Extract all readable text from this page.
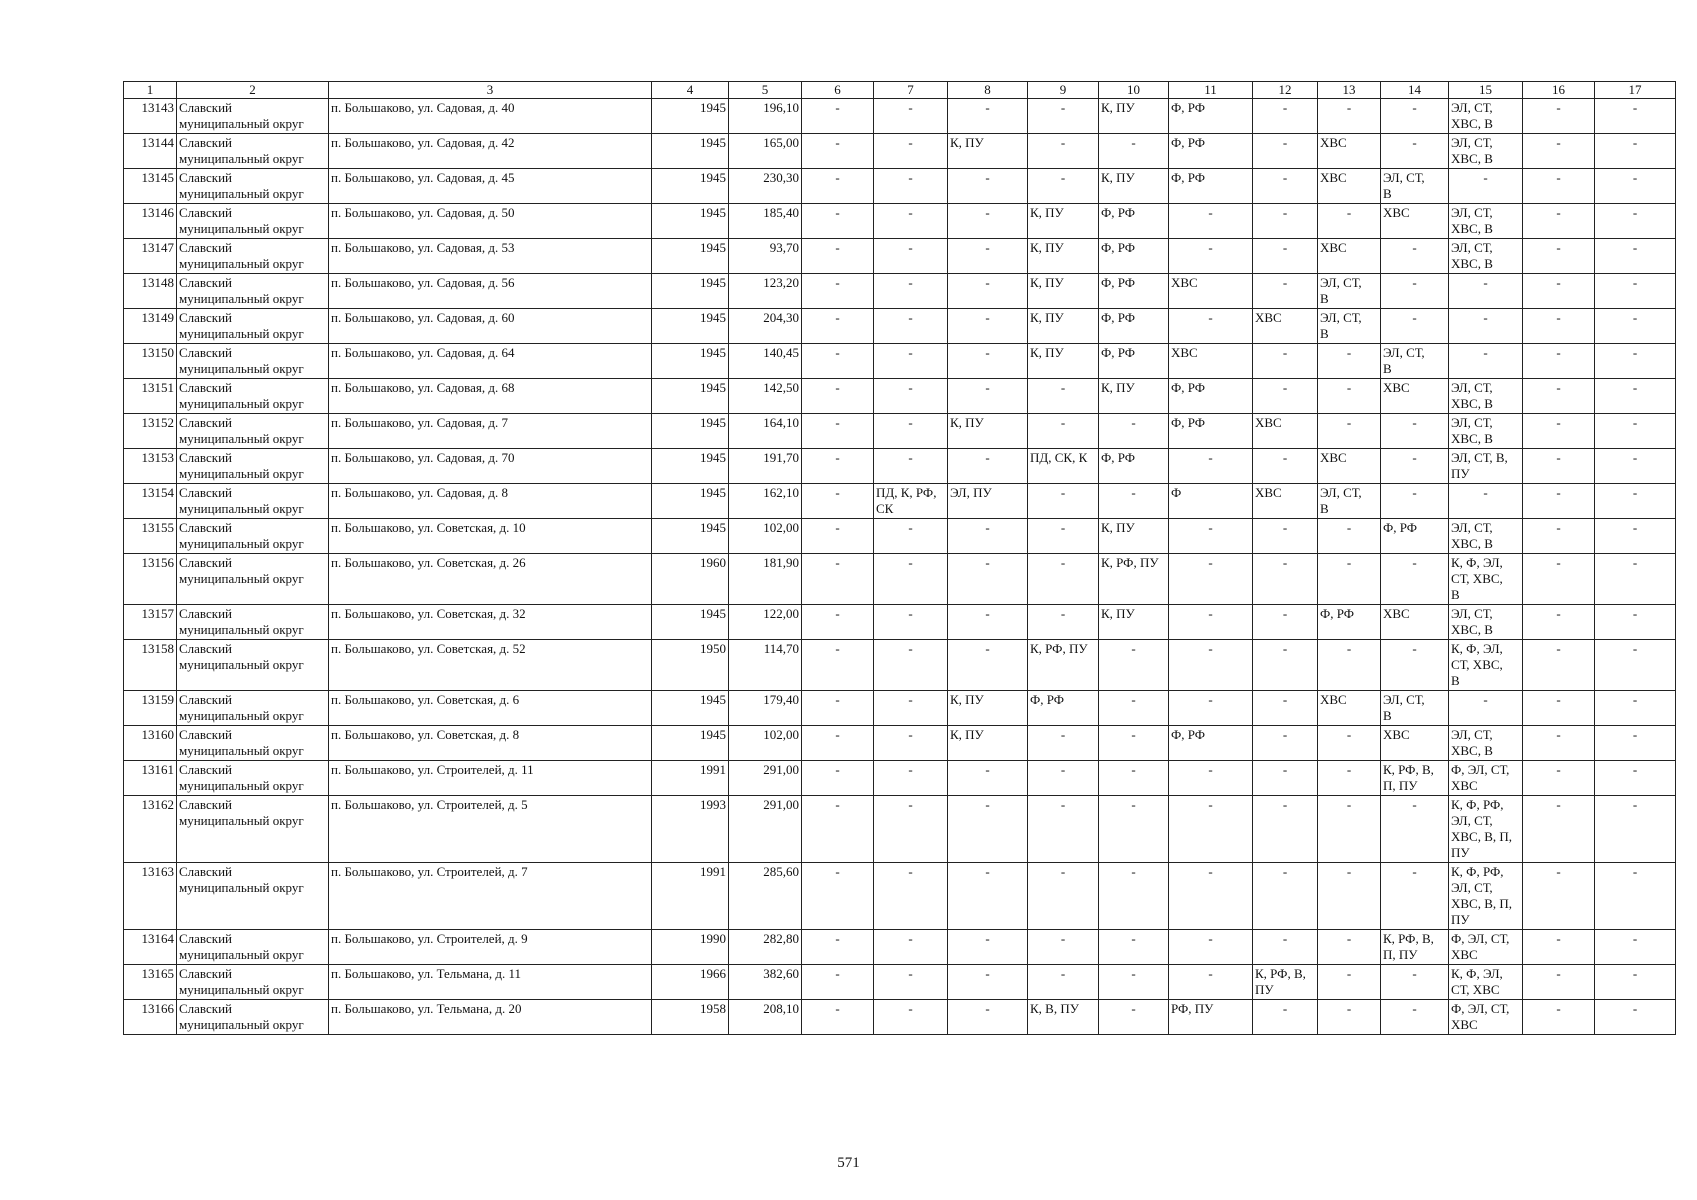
1	2	3	4	5	6	7	8	9	10	11	12	13	14	15	16	17
13143	Славский
муниципальный округ	п. Большаково, ул. Садовая, д. 40	1945	196,10	-	-	-	-	К, ПУ	Ф, РФ	-	-	-	ЭЛ, СТ,
ХВС, В	-	-
13144	Славский
муниципальный округ	п. Большаково, ул. Садовая, д. 42	1945	165,00	-	-	К, ПУ	-	-	Ф, РФ	-	ХВС	-	ЭЛ, СТ,
ХВС, В	-	-
13145	Славский
муниципальный округ	п. Большаково, ул. Садовая, д. 45	1945	230,30	-	-	-	-	К, ПУ	Ф, РФ	-	ХВС	ЭЛ, СТ,
В	-	-	-
13146	Славский
муниципальный округ	п. Большаково, ул. Садовая, д. 50	1945	185,40	-	-	-	К, ПУ	Ф, РФ	-	-	-	ХВС	ЭЛ, СТ,
ХВС, В	-	-
13147	Славский
муниципальный округ	п. Большаково, ул. Садовая, д. 53	1945	93,70	-	-	-	К, ПУ	Ф, РФ	-	-	ХВС	-	ЭЛ, СТ,
ХВС, В	-	-
13148	Славский
муниципальный округ	п. Большаково, ул. Садовая, д. 56	1945	123,20	-	-	-	К, ПУ	Ф, РФ	ХВС	-	ЭЛ, СТ,
В	-	-	-	-
13149	Славский
муниципальный округ	п. Большаково, ул. Садовая, д. 60	1945	204,30	-	-	-	К, ПУ	Ф, РФ	-	ХВС	ЭЛ, СТ,
В	-	-	-	-
13150	Славский
муниципальный округ	п. Большаково, ул. Садовая, д. 64	1945	140,45	-	-	-	К, ПУ	Ф, РФ	ХВС	-	-	ЭЛ, СТ,
В	-	-	-
13151	Славский
муниципальный округ	п. Большаково, ул. Садовая, д. 68	1945	142,50	-	-	-	-	К, ПУ	Ф, РФ	-	-	ХВС	ЭЛ, СТ,
ХВС, В	-	-
13152	Славский
муниципальный округ	п. Большаково, ул. Садовая, д. 7	1945	164,10	-	-	К, ПУ	-	-	Ф, РФ	ХВС	-	-	ЭЛ, СТ,
ХВС, В	-	-
13153	Славский
муниципальный округ	п. Большаково, ул. Садовая, д. 70	1945	191,70	-	-	-	ПД, СК, К	Ф, РФ	-	-	ХВС	-	ЭЛ, СТ, В,
ПУ	-	-
13154	Славский
муниципальный округ	п. Большаково, ул. Садовая, д. 8	1945	162,10	-	ПД, К, РФ,
СК	ЭЛ, ПУ	-	-	Ф	ХВС	ЭЛ, СТ,
В	-	-	-	-
13155	Славский
муниципальный округ	п. Большаково, ул. Советская, д. 10	1945	102,00	-	-	-	-	К, ПУ	-	-	-	Ф, РФ	ЭЛ, СТ,
ХВС, В	-	-
13156	Славский
муниципальный округ	п. Большаково, ул. Советская, д. 26	1960	181,90	-	-	-	-	К, РФ, ПУ	-	-	-	-	К, Ф, ЭЛ,
СТ, ХВС,
В	-	-
13157	Славский
муниципальный округ	п. Большаково, ул. Советская, д. 32	1945	122,00	-	-	-	-	К, ПУ	-	-	Ф, РФ	ХВС	ЭЛ, СТ,
ХВС, В	-	-
13158	Славский
муниципальный округ	п. Большаково, ул. Советская, д. 52	1950	114,70	-	-	-	К, РФ, ПУ	-	-	-	-	-	К, Ф, ЭЛ,
СТ, ХВС,
В	-	-
13159	Славский
муниципальный округ	п. Большаково, ул. Советская, д. 6	1945	179,40	-	-	К, ПУ	Ф, РФ	-	-	-	ХВС	ЭЛ, СТ,
В	-	-	-
13160	Славский
муниципальный округ	п. Большаково, ул. Советская, д. 8	1945	102,00	-	-	К, ПУ	-	-	Ф, РФ	-	-	ХВС	ЭЛ, СТ,
ХВС, В	-	-
13161	Славский
муниципальный округ	п. Большаково, ул. Строителей, д. 11	1991	291,00	-	-	-	-	-	-	-	-	К, РФ, В,
П, ПУ	Ф, ЭЛ, СТ,
ХВС	-	-
13162	Славский
муниципальный округ	п. Большаково, ул. Строителей, д. 5	1993	291,00	-	-	-	-	-	-	-	-	-	К, Ф, РФ,
ЭЛ, СТ,
ХВС, В, П,
ПУ	-	-
13163	Славский
муниципальный округ	п. Большаково, ул. Строителей, д. 7	1991	285,60	-	-	-	-	-	-	-	-	-	К, Ф, РФ,
ЭЛ, СТ,
ХВС, В, П,
ПУ	-	-
13164	Славский
муниципальный округ	п. Большаково, ул. Строителей, д. 9	1990	282,80	-	-	-	-	-	-	-	-	К, РФ, В,
П, ПУ	Ф, ЭЛ, СТ,
ХВС	-	-
13165	Славский
муниципальный округ	п. Большаково, ул. Тельмана, д. 11	1966	382,60	-	-	-	-	-	-	К, РФ, В,
ПУ	-	-	К, Ф, ЭЛ,
СТ, ХВС	-	-
13166	Славский
муниципальный округ	п. Большаково, ул. Тельмана, д. 20	1958	208,10	-	-	-	К, В, ПУ	-	РФ, ПУ	-	-	-	Ф, ЭЛ, СТ,
ХВС	-	-
571
